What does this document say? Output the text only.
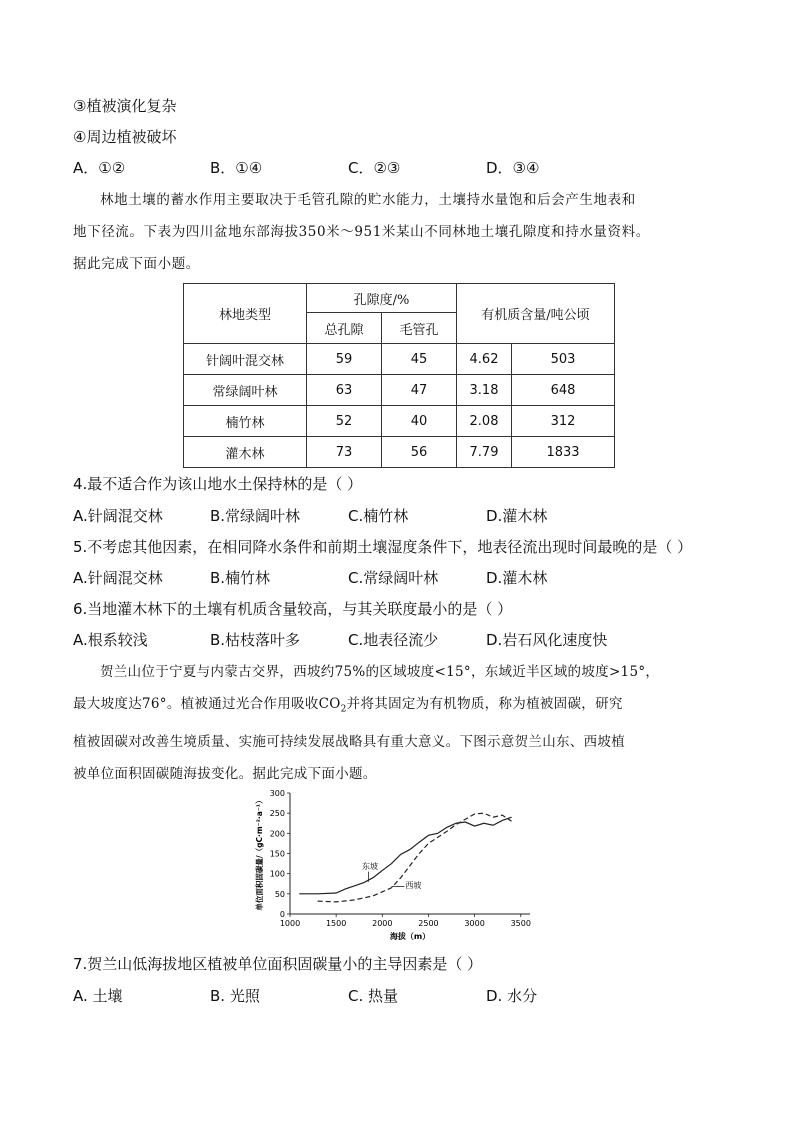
③植被演化复杂
④周边植被破坏
A．①②	B．①④	C．②③	D．③④
林地土壤的蓄水作用主要取决于毛管孔隙的贮水能力，土壤持水量饱和后会产生地表和
地下径流。下表为四川盆地东部海拔350米～951米某山不同林地土壤孔隙度和持水量资料。
据此完成下面小题。
林地类型	孔隙度/%		有机质含量/吨公顷	
	总孔隙	毛管孔		
针阔叶混交林	59	45	4.62	503
常绿阔叶林	63	47	3.18	648
楠竹林	52	40	2.08	312
灌木林	73	56	7.79	1833
4.最不适合作为该山地水土保持林的是（ ）
A.针阔混交林	B.常绿阔叶林	C.楠竹林	D.灌木林
5.不考虑其他因素，在相同降水条件和前期土壤湿度条件下，地表径流出现时间最晚的是（ ）
A.针阔混交林	B.楠竹林	C.常绿阔叶林	D.灌木林
6.当地灌木林下的土壤有机质含量较高，与其关联度最小的是（ ）
A.根系较浅	B.枯枝落叶多	C.地表径流少	D.岩石风化速度快
贺兰山位于宁夏与内蒙古交界，西坡约75%的区域坡度<15°，东域近半区域的坡度>15°，
最大坡度达76°。植被通过光合作用吸收$CO_2$并将其固定为有机物质，称为植被固碳，研究
植被固碳对改善生境质量、实施可持续发展战略具有重大意义。下图示意贺兰山东、西坡植
被单位面积固碳随海拔变化。据此完成下面小题。
1000	1500	2000	2500	3000	3500
0
50
100
150
200
250
300
海拔（m）
单位面积固碳量/（gC·m⁻²·a⁻¹）	东坡
西坡
7.贺兰山低海拔地区植被单位面积固碳量小的主导因素是（ ）
A. 土壤	B. 光照	C. 热量	D. 水分
